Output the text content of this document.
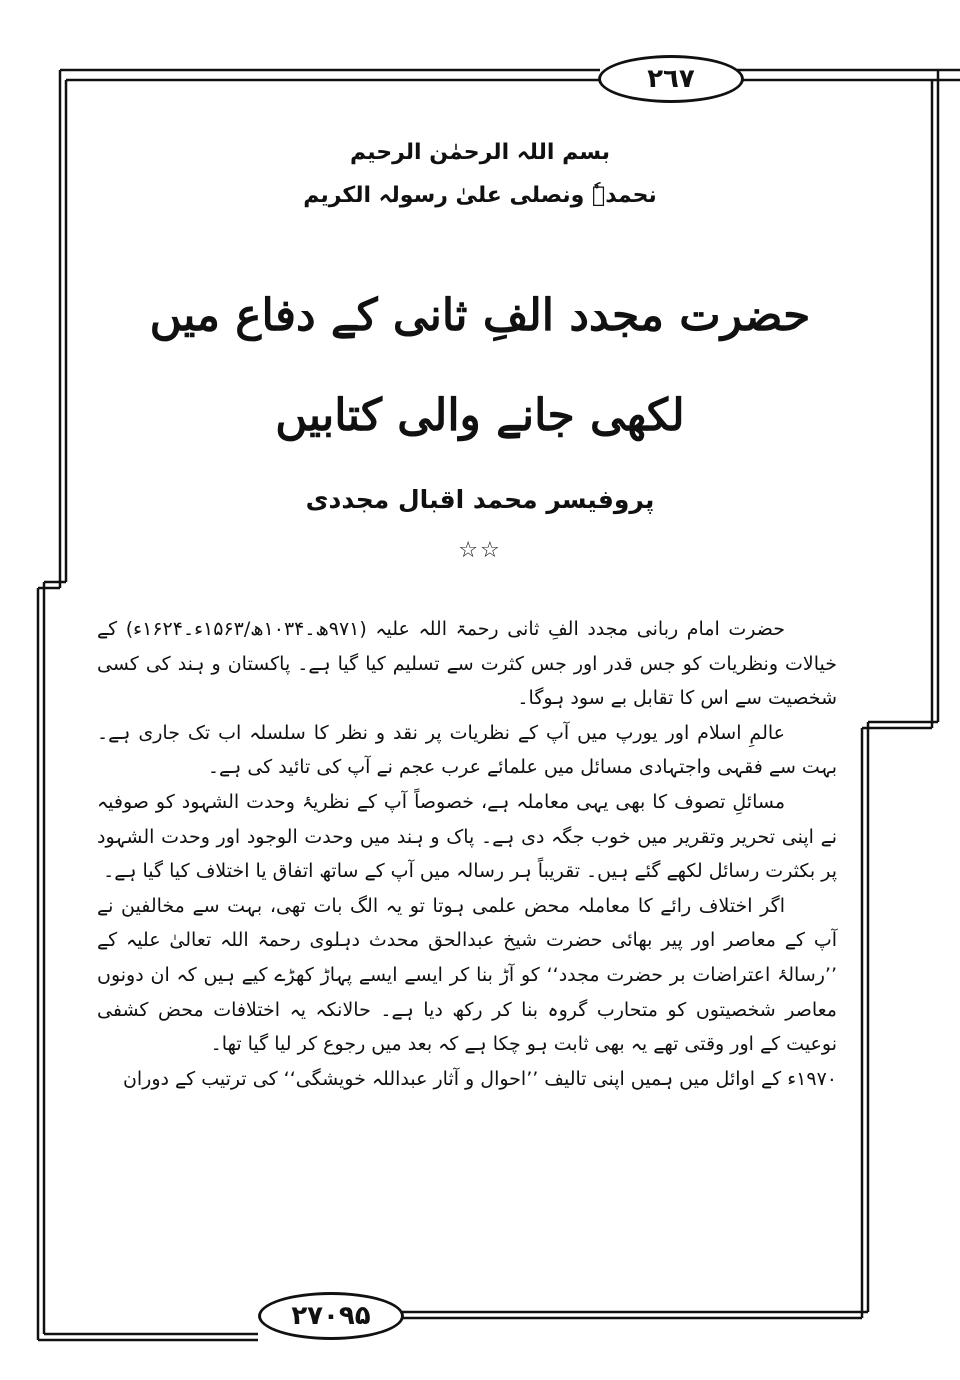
۲٦۷
۲۷۰۹۵
بسم اللہ الرحمٰن الرحیم
نحمدہٗ ونصلی علیٰ رسولہ الکریم
حضرت مجدد الفِ ثانی کے دفاع میں
لکھی جانے والی کتابیں
پروفیسر محمد اقبال مجددی
☆☆

حضرت امام ربانی مجدد الفِ ثانی رحمۃ اللہ علیہ (۹۷۱ھ۔۱۰۳۴ھ/۱۵۶۳ء۔۱۶۲۴ء) کے خیالات ونظریات کو جس قدر اور جس کثرت سے تسلیم کیا گیا ہے۔ پاکستان و ہند کی کسی شخصیت سے اس کا تقابل بے سود ہوگا۔

عالمِ اسلام اور یورپ میں آپ کے نظریات پر نقد و نظر کا سلسلہ اب تک جاری ہے۔ بہت سے فقہی واجتہادی مسائل میں علمائے عرب عجم نے آپ کی تائید کی ہے۔

مسائلِ تصوف کا بھی یہی معاملہ ہے، خصوصاً آپ کے نظریۂ وحدت الشہود کو صوفیہ نے اپنی تحریر وتقریر میں خوب جگہ دی ہے۔ پاک و ہند میں وحدت الوجود اور وحدت الشہود پر بکثرت رسائل لکھے گئے ہیں۔ تقریباً ہر رسالہ میں آپ کے ساتھ اتفاق یا اختلاف کیا گیا ہے۔

اگر اختلاف رائے کا معاملہ محض علمی ہوتا تو یہ الگ بات تھی، بہت سے مخالفین نے آپ کے معاصر اور پیر بھائی حضرت شیخ عبدالحق محدث دہلوی رحمۃ اللہ تعالیٰ علیہ کے ’’رسالۂ اعتراضات بر حضرت مجدد‘‘ کو آڑ بنا کر ایسے ایسے پہاڑ کھڑے کیے ہیں کہ ان دونوں معاصر شخصیتوں کو متحارب گروہ بنا کر رکھ دیا ہے۔ حالانکہ یہ اختلافات محض کشفی نوعیت کے اور وقتی تھے یہ بھی ثابت ہو چکا ہے کہ بعد میں رجوع کر لیا گیا تھا۔

۱۹۷۰ء کے اوائل میں ہمیں اپنی تالیف ’’احوال و آثار عبداللہ خویشگی‘‘ کی ترتیب کے دوران
